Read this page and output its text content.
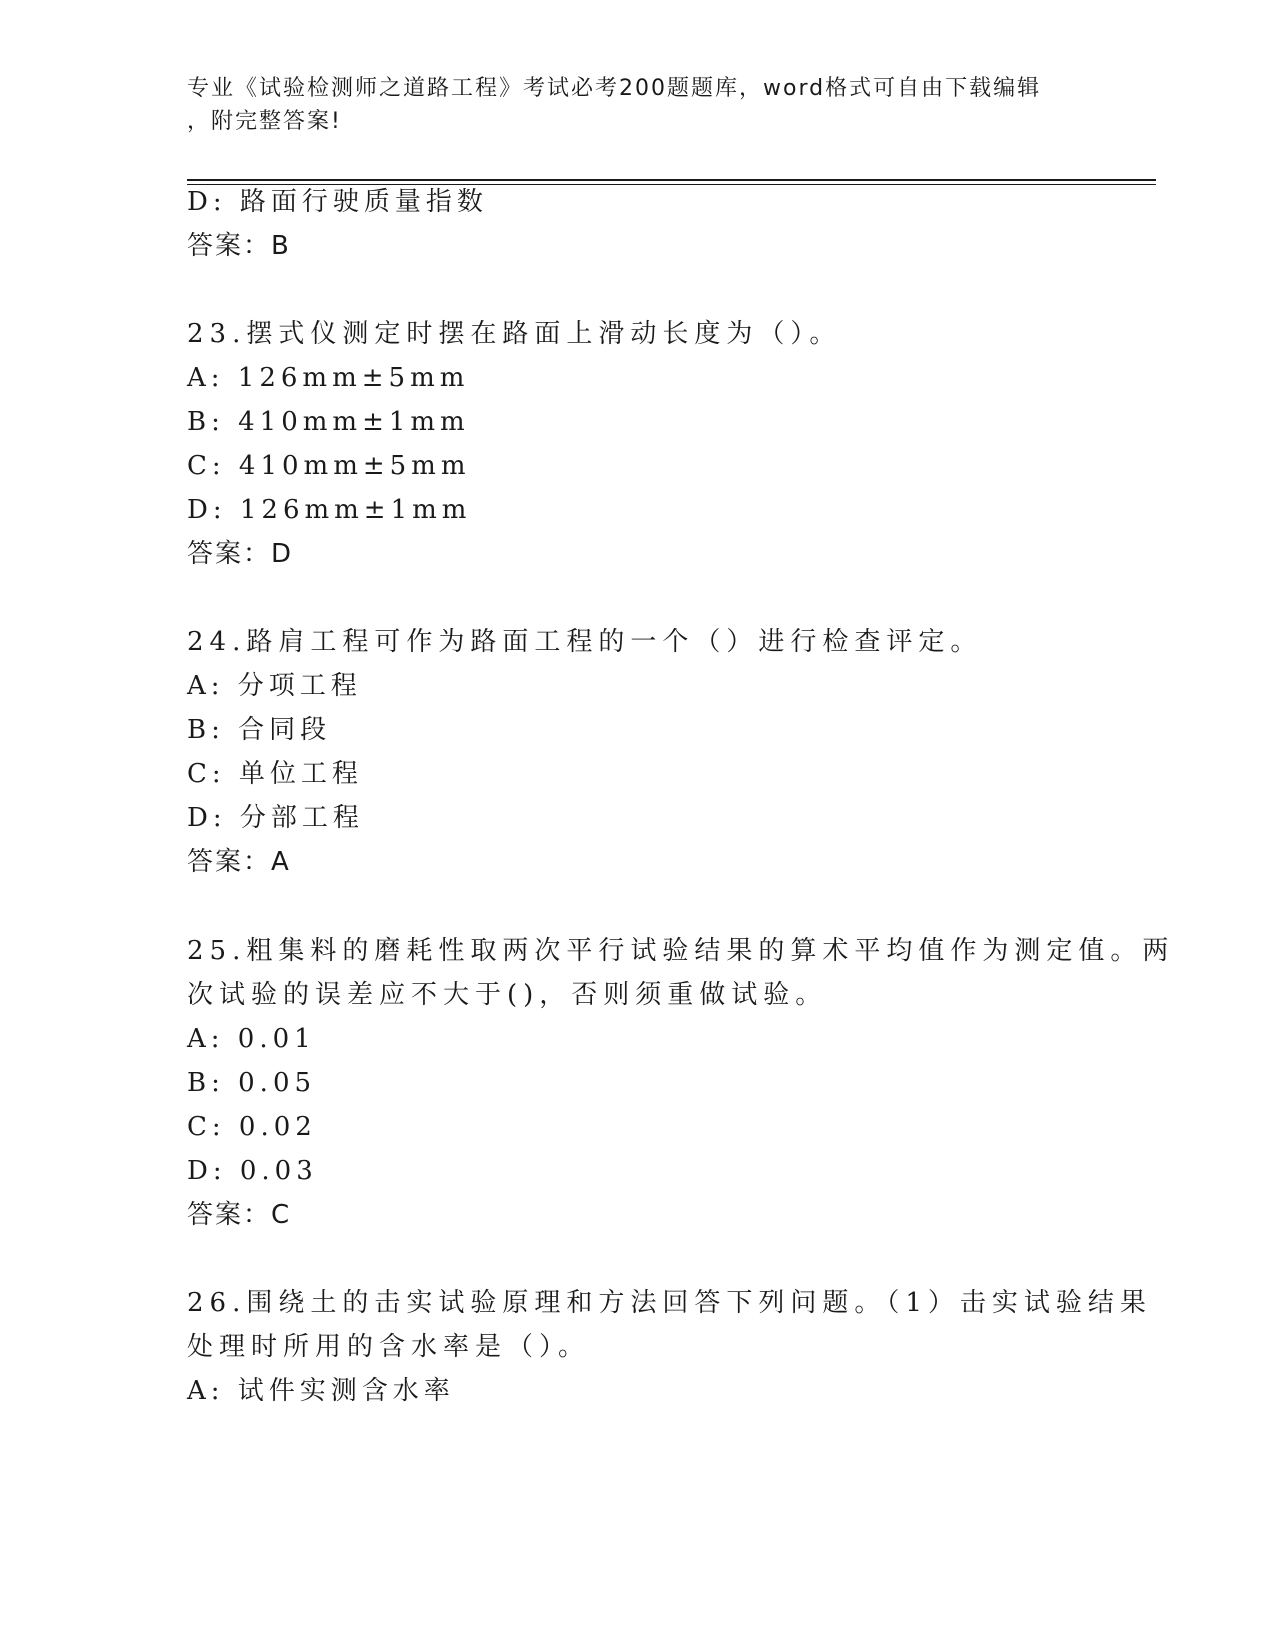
专业《试验检测师之道路工程》考试必考200题题库，word格式可自由下载编辑
，附完整答案!
D: 路面行驶质量指数
答案：B
23.摆式仪测定时摆在路面上滑动长度为（）。
A: 126mm±5mm
B: 410mm±1mm
C: 410mm±5mm
D: 126mm±1mm
答案：D
24.路肩工程可作为路面工程的一个（）进行检查评定。
A: 分项工程
B: 合同段
C: 单位工程
D: 分部工程
答案：A
25.粗集料的磨耗性取两次平行试验结果的算术平均值作为测定值。两
次试验的误差应不大于()，否则须重做试验。
A: 0.01
B: 0.05
C: 0.02
D: 0.03
答案：C
26.围绕土的击实试验原理和方法回答下列问题。（1）击实试验结果
处理时所用的含水率是（）。
A: 试件实测含水率
